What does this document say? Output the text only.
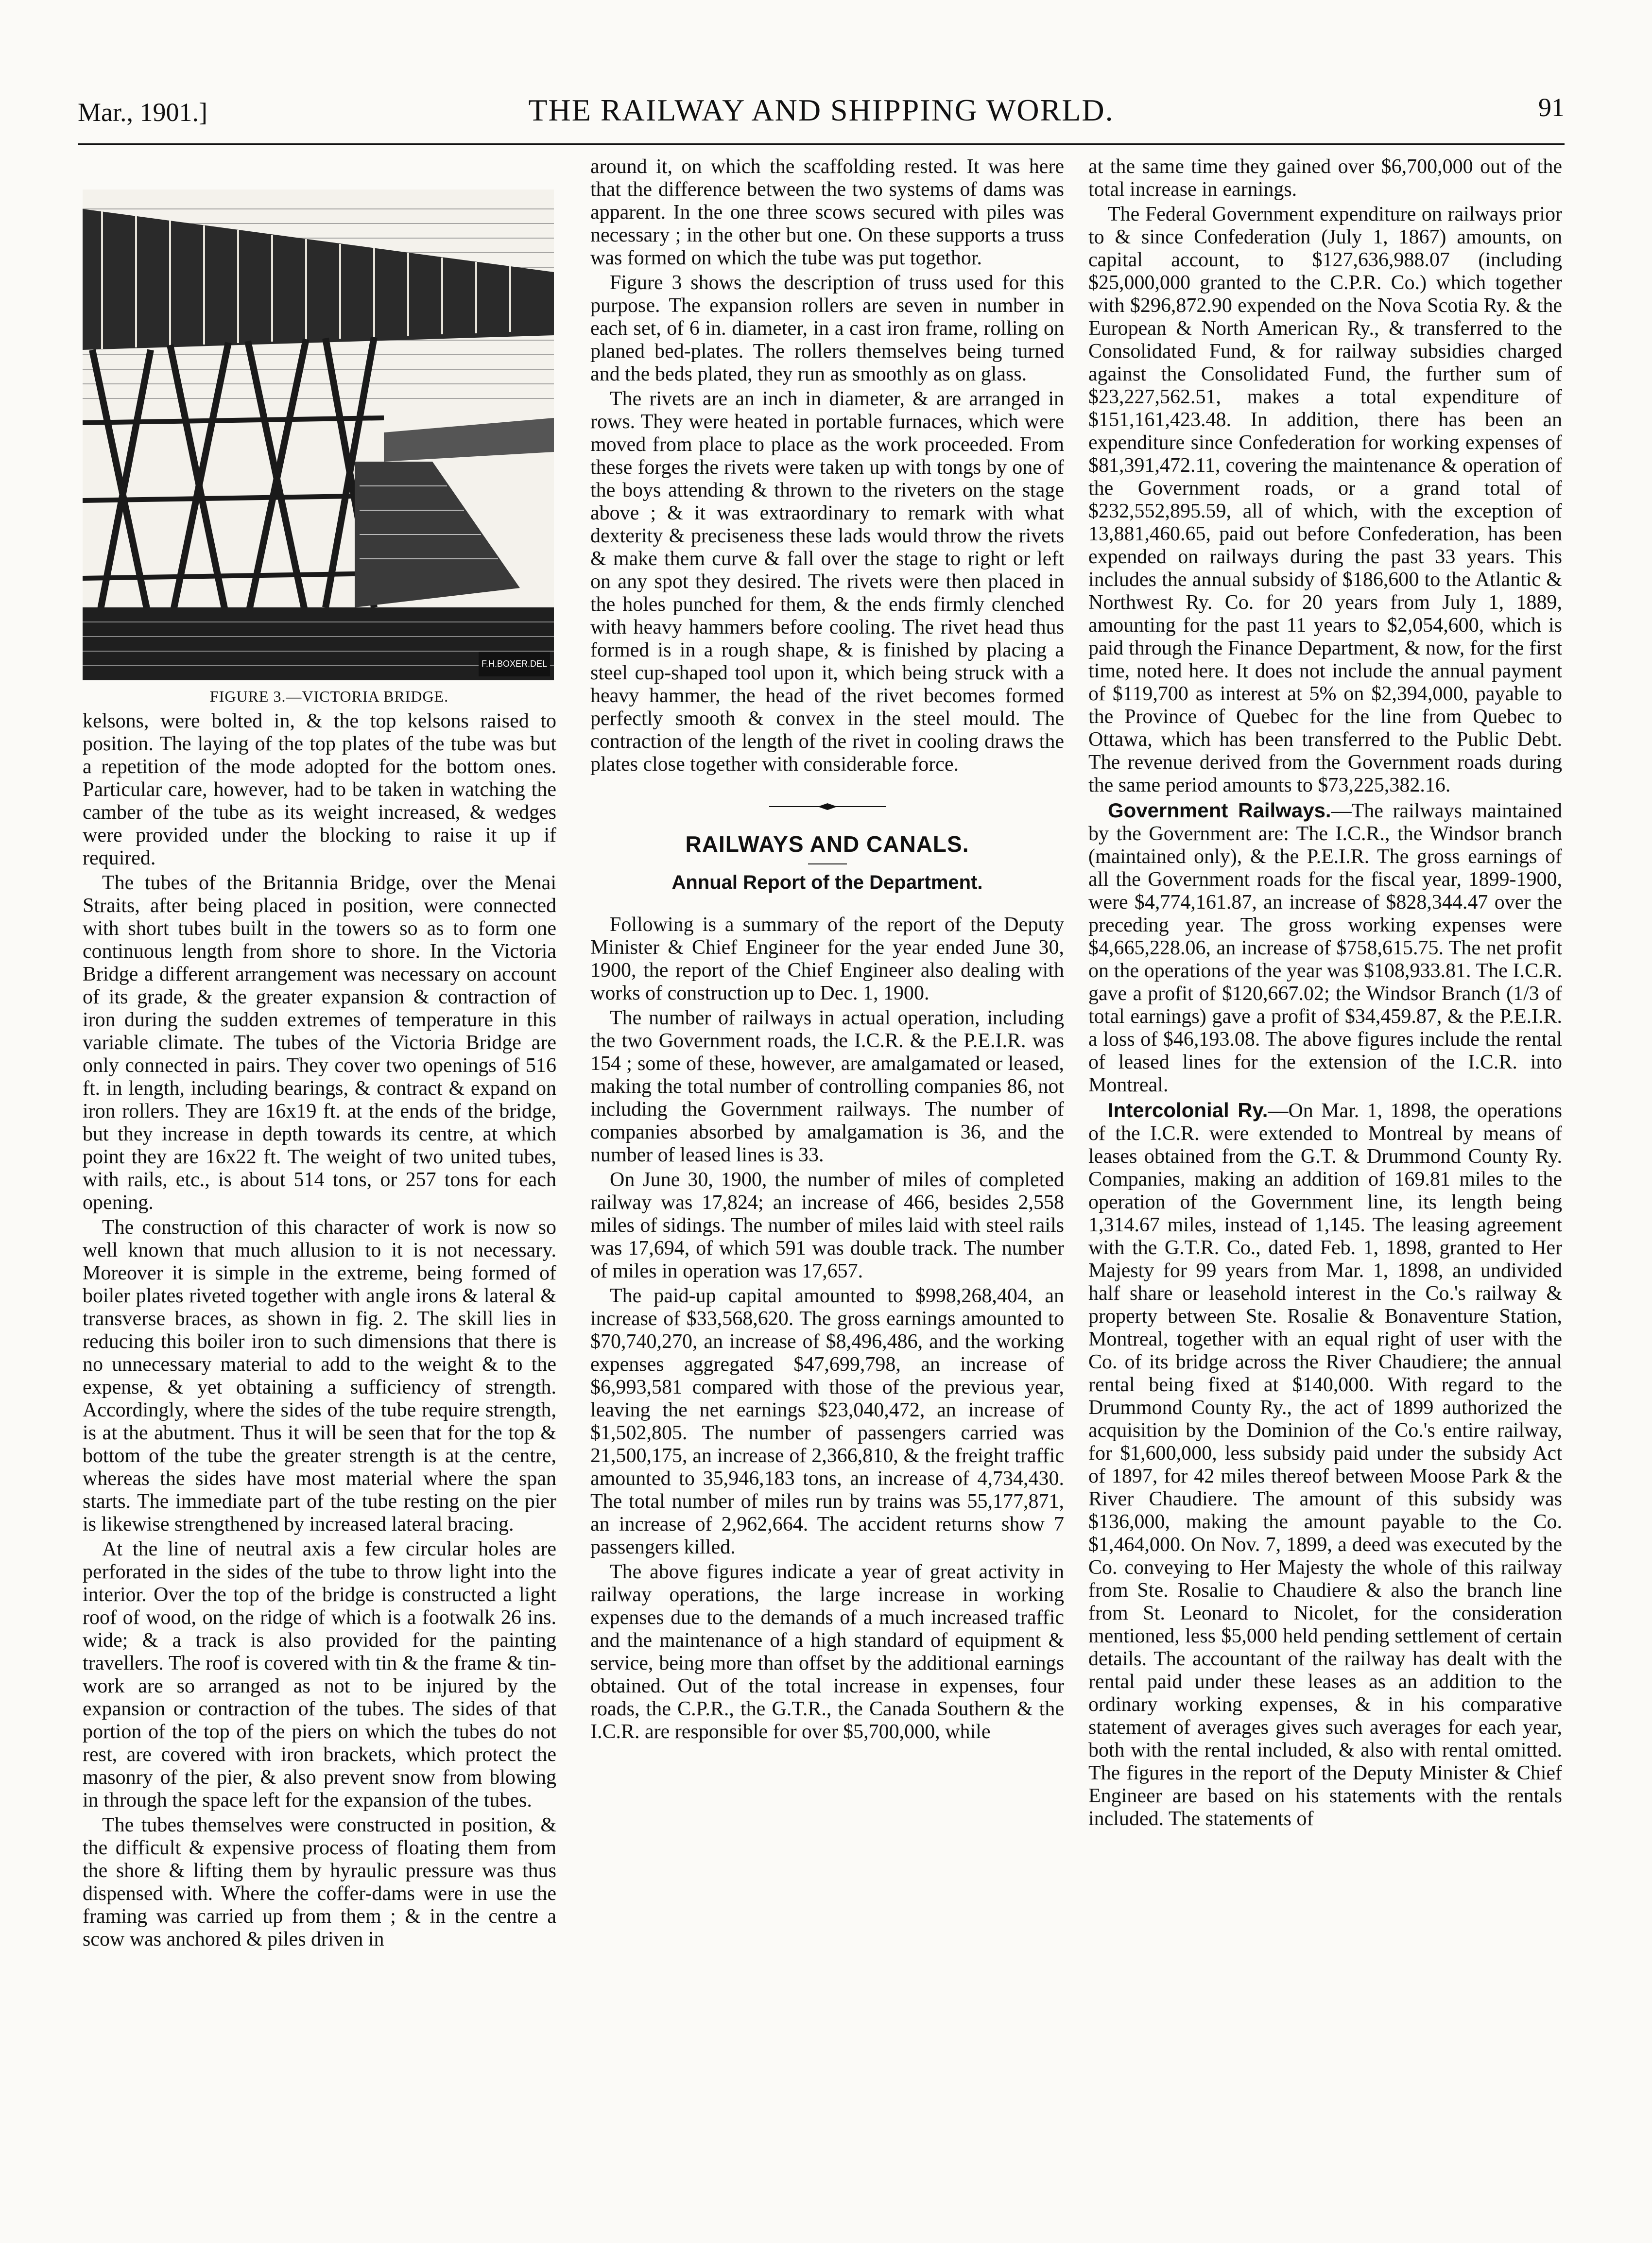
Mar., 1901.]	THE RAILWAY AND SHIPPING WORLD.	91
F.H.BOXER.DEL

FIGURE 3.—VICTORIA BRIDGE.

kelsons, were bolted in, & the top kelsons raised to position. The laying of the top plates of the tube was but a repetition of the mode adopted for the bottom ones. Particular care, however, had to be taken in watching the camber of the tube as its weight increased, & wedges were provided under the blocking to raise it up if required.

The tubes of the Britannia Bridge, over the Menai Straits, after being placed in position, were connected with short tubes built in the towers so as to form one continuous length from shore to shore. In the Victoria Bridge a different arrangement was necessary on account of its grade, & the greater expansion & contraction of iron during the sudden extremes of temperature in this variable climate. The tubes of the Victoria Bridge are only connected in pairs. They cover two openings of 516 ft. in length, including bearings, & contract & expand on iron rollers. They are 16x19 ft. at the ends of the bridge, but they increase in depth towards its centre, at which point they are 16x22 ft. The weight of two united tubes, with rails, etc., is about 514 tons, or 257 tons for each opening.

The construction of this character of work is now so well known that much allusion to it is not necessary. Moreover it is simple in the extreme, being formed of boiler plates riveted together with angle irons & lateral & transverse braces, as shown in fig. 2. The skill lies in reducing this boiler iron to such dimensions that there is no unnecessary material to add to the weight & to the expense, & yet obtaining a sufficiency of strength. Accordingly, where the sides of the tube require strength, is at the abutment. Thus it will be seen that for the top & bottom of the tube the greater strength is at the centre, whereas the sides have most material where the span starts. The immediate part of the tube resting on the pier is likewise strengthened by increased lateral bracing.

At the line of neutral axis a few circular holes are perforated in the sides of the tube to throw light into the interior. Over the top of the bridge is constructed a light roof of wood, on the ridge of which is a footwalk 26 ins. wide; & a track is also provided for the painting travellers. The roof is covered with tin & the frame & tin-work are so arranged as not to be injured by the expansion or contraction of the tubes. The sides of that portion of the top of the piers on which the tubes do not rest, are covered with iron brackets, which protect the masonry of the pier, & also prevent snow from blowing in through the space left for the expansion of the tubes.

The tubes themselves were constructed in position, & the difficult & expensive process of floating them from the shore & lifting them by hyraulic pressure was thus dispensed with. Where the coffer-dams were in use the framing was carried up from them ; & in the centre a scow was anchored & piles driven in

around it, on which the scaffolding rested. It was here that the difference between the two systems of dams was apparent. In the one three scows secured with piles was necessary ; in the other but one. On these supports a truss was formed on which the tube was put togethor.

Figure 3 shows the description of truss used for this purpose. The expansion rollers are seven in number in each set, of 6 in. diameter, in a cast iron frame, rolling on planed bed-plates. The rollers themselves being turned and the beds plated, they run as smoothly as on glass.

The rivets are an inch in diameter, & are arranged in rows. They were heated in portable furnaces, which were moved from place to place as the work proceeded. From these forges the rivets were taken up with tongs by one of the boys attending & thrown to the riveters on the stage above ; & it was extraordinary to remark with what dexterity & preciseness these lads would throw the rivets & make them curve & fall over the stage to right or left on any spot they desired. The rivets were then placed in the holes punched for them, & the ends firmly clenched with heavy hammers before cooling. The rivet head thus formed is in a rough shape, & is finished by placing a steel cup-shaped tool upon it, which being struck with a heavy hammer, the head of the rivet becomes formed perfectly smooth & convex in the steel mould. The contraction of the length of the rivet in cooling draws the plates close together with considerable force.

RAILWAYS AND CANALS.
Annual Report of the Department.

Following is a summary of the report of the Deputy Minister & Chief Engineer for the year ended June 30, 1900, the report of the Chief Engineer also dealing with works of construction up to Dec. 1, 1900.

The number of railways in actual operation, including the two Government roads, the I.C.R. & the P.E.I.R. was 154 ; some of these, however, are amalgamated or leased, making the total number of controlling companies 86, not including the Government railways. The number of companies absorbed by amalgamation is 36, and the number of leased lines is 33.

On June 30, 1900, the number of miles of completed railway was 17,824; an increase of 466, besides 2,558 miles of sidings. The number of miles laid with steel rails was 17,694, of which 591 was double track. The number of miles in operation was 17,657.

The paid-up capital amounted to $998,268,404, an increase of $33,568,620. The gross earnings amounted to $70,740,270, an increase of $8,496,486, and the working expenses aggregated $47,699,798, an increase of $6,993,581 compared with those of the previous year, leaving the net earnings $23,040,472, an increase of $1,502,805. The number of passengers carried was 21,500,175, an increase of 2,366,810, & the freight traffic amounted to 35,946,183 tons, an increase of 4,734,430. The total number of miles run by trains was 55,177,871, an increase of 2,962,664. The accident returns show 7 passengers killed.

The above figures indicate a year of great activity in railway operations, the large increase in working expenses due to the demands of a much increased traffic and the maintenance of a high standard of equipment & service, being more than offset by the additional earnings obtained. Out of the total increase in expenses, four roads, the C.P.R., the G.T.R., the Canada Southern & the I.C.R. are responsible for over $5,700,000, while

at the same time they gained over $6,700,000 out of the total increase in earnings.

The Federal Government expenditure on railways prior to & since Confederation (July 1, 1867) amounts, on capital account, to $127,636,988.07 (including $25,000,000 granted to the C.P.R. Co.) which together with $296,872.90 expended on the Nova Scotia Ry. & the European & North American Ry., & transferred to the Consolidated Fund, & for railway subsidies charged against the Consolidated Fund, the further sum of $23,227,562.51, makes a total expenditure of $151,161,423.48. In addition, there has been an expenditure since Confederation for working expenses of $81,391,472.11, covering the maintenance & operation of the Government roads, or a grand total of $232,552,895.59, all of which, with the exception of 13,881,460.65, paid out before Confederation, has been expended on railways during the past 33 years. This includes the annual subsidy of $186,600 to the Atlantic & Northwest Ry. Co. for 20 years from July 1, 1889, amounting for the past 11 years to $2,054,600, which is paid through the Finance Department, & now, for the first time, noted here. It does not include the annual payment of $119,700 as interest at 5% on $2,394,000, payable to the Province of Quebec for the line from Quebec to Ottawa, which has been transferred to the Public Debt. The revenue derived from the Government roads during the same period amounts to $73,225,382.16.

Government Railways.—The railways maintained by the Government are: The I.C.R., the Windsor branch (maintained only), & the P.E.I.R. The gross earnings of all the Government roads for the fiscal year, 1899-1900, were $4,774,161.87, an increase of $828,344.47 over the preceding year. The gross working expenses were $4,665,228.06, an increase of $758,615.75. The net profit on the operations of the year was $108,933.81. The I.C.R. gave a profit of $120,667.02; the Windsor Branch (1/3 of total earnings) gave a profit of $34,459.87, & the P.E.I.R. a loss of $46,193.08. The above figures include the rental of leased lines for the extension of the I.C.R. into Montreal.

Intercolonial Ry.—On Mar. 1, 1898, the operations of the I.C.R. were extended to Montreal by means of leases obtained from the G.T. & Drummond County Ry. Companies, making an addition of 169.81 miles to the operation of the Government line, its length being 1,314.67 miles, instead of 1,145. The leasing agreement with the G.T.R. Co., dated Feb. 1, 1898, granted to Her Majesty for 99 years from Mar. 1, 1898, an undivided half share or leasehold interest in the Co.'s railway & property between Ste. Rosalie & Bonaventure Station, Montreal, together with an equal right of user with the Co. of its bridge across the River Chaudiere; the annual rental being fixed at $140,000. With regard to the Drummond County Ry., the act of 1899 authorized the acquisition by the Dominion of the Co.'s entire railway, for $1,600,000, less subsidy paid under the subsidy Act of 1897, for 42 miles thereof between Moose Park & the River Chaudiere. The amount of this subsidy was $136,000, making the amount payable to the Co. $1,464,000. On Nov. 7, 1899, a deed was executed by the Co. conveying to Her Majesty the whole of this railway from Ste. Rosalie to Chaudiere & also the branch line from St. Leonard to Nicolet, for the consideration mentioned, less $5,000 held pending settlement of certain details. The accountant of the railway has dealt with the rental paid under these leases as an addition to the ordinary working expenses, & in his comparative statement of averages gives such averages for each year, both with the rental included, & also with rental omitted. The figures in the report of the Deputy Minister & Chief Engineer are based on his statements with the rentals included. The statements of
